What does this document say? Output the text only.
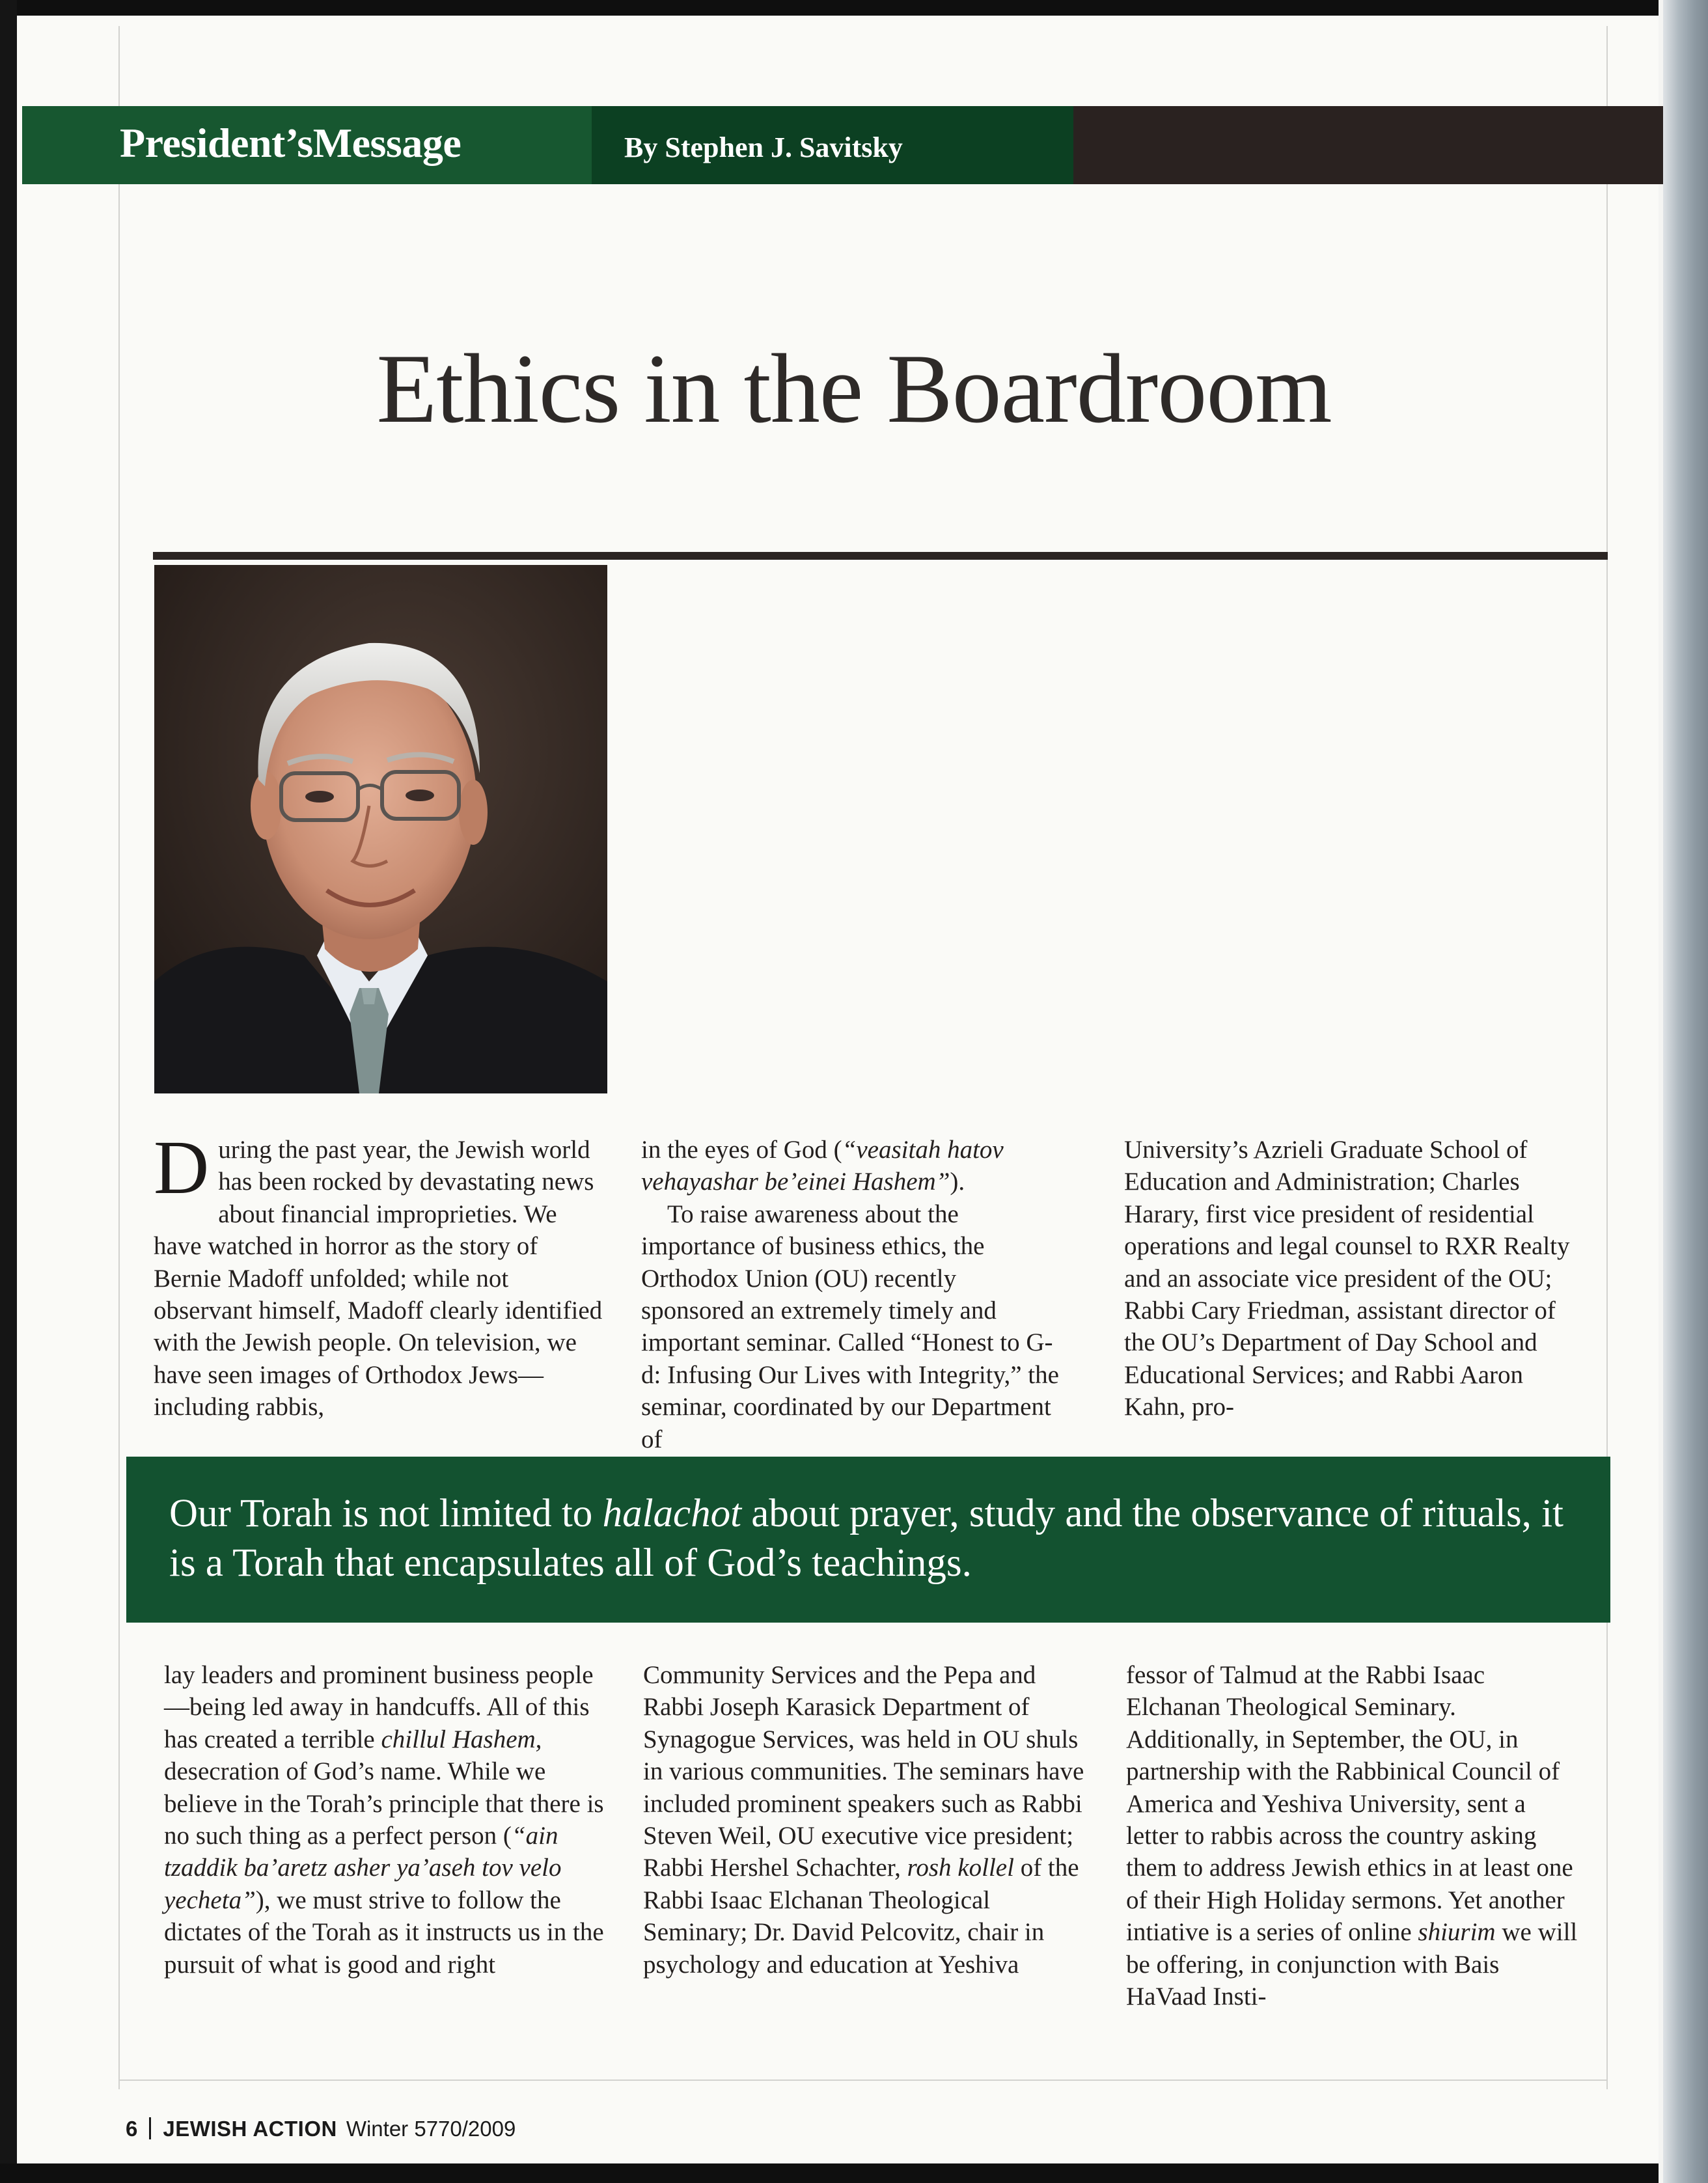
President’sMessage	By Stephen J. Savitsky
Ethics in the Boardroom

During the past year, the Jewish world has been rocked by devastating news about financial improprieties. We have watched in horror as the story of Bernie Madoff unfolded; while not observant himself, Madoff clearly identified with the Jewish people. On television, we have seen images of Orthodox Jews—including rabbis,

in the eyes of God (“veasitah hatov vehayashar be’einei Hashem”).

To raise awareness about the importance of business ethics, the Orthodox Union (OU) recently sponsored an extremely timely and important seminar. Called “Honest to G-d: Infusing Our Lives with Integrity,” the seminar, coordinated by our Department of

University’s Azrieli Graduate School of Education and Administration; Charles Harary, first vice president of residential operations and legal counsel to RXR Realty and an associate vice president of the OU; Rabbi Cary Friedman, assistant director of the OU’s Department of Day School and Educational Services; and Rabbi Aaron Kahn, pro-

Our Torah is not limited to halachot about prayer, study and the observance of rituals, it is a Torah that encapsulates all of God’s teachings.

lay leaders and prominent business people—being led away in handcuffs. All of this has created a terrible chillul Hashem, desecration of God’s name. While we believe in the Torah’s principle that there is no such thing as a perfect person (“ain tzaddik ba’aretz asher ya’aseh tov velo yecheta”), we must strive to follow the dictates of the Torah as it instructs us in the pursuit of what is good and right

Community Services and the Pepa and Rabbi Joseph Karasick Department of Synagogue Services, was held in OU shuls in various communities. The seminars have included prominent speakers such as Rabbi Steven Weil, OU executive vice president; Rabbi Hershel Schachter, rosh kollel of the Rabbi Isaac Elchanan Theological Seminary; Dr. David Pelcovitz, chair in psychology and education at Yeshiva

fessor of Talmud at the Rabbi Isaac Elchanan Theological Seminary. Additionally, in September, the OU, in partnership with the Rabbinical Council of America and Yeshiva University, sent a letter to rabbis across the country asking them to address Jewish ethics in at least one of their High Holiday sermons. Yet another intiative is a series of online shiurim we will be offering, in conjunction with Bais HaVaad Insti-

6 JEWISH ACTION Winter 5770/2009
